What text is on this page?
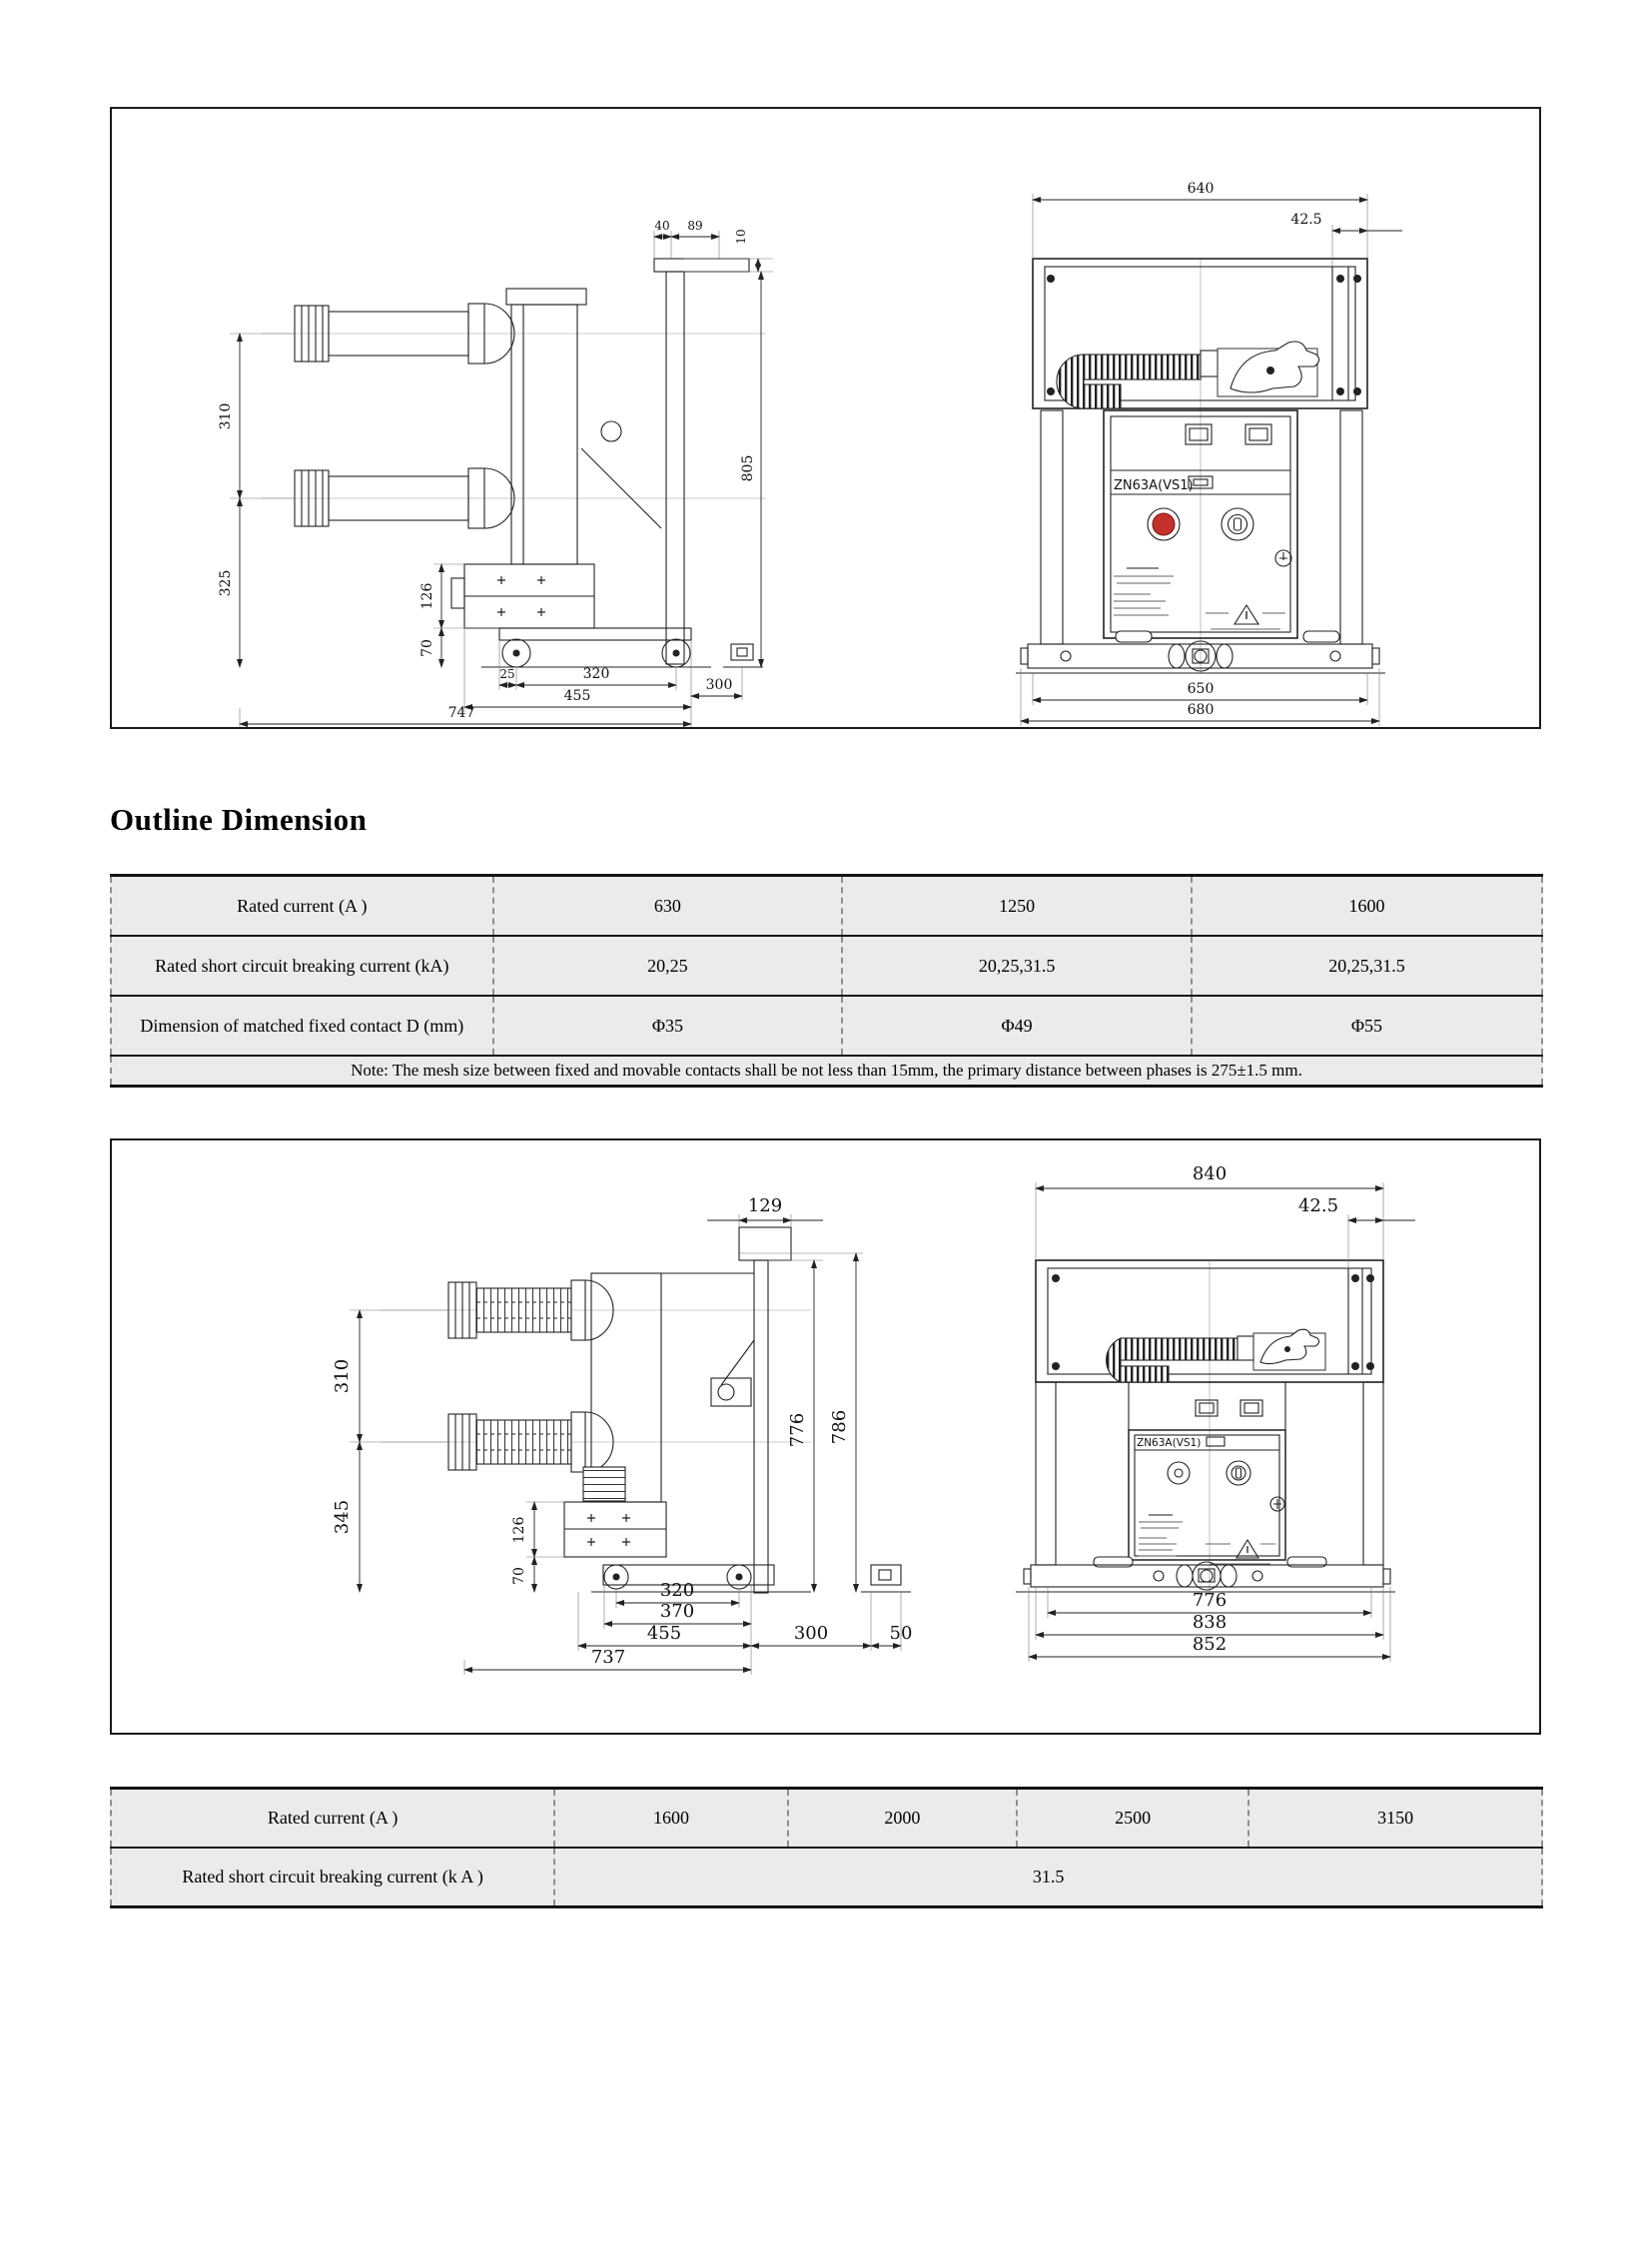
40 89
10
310
325	126
70
805
25	320
455
300
747
ZN63A(VS1)
640
42.5
650
680
Outline Dimension
Rated current (A )	630	1250	1600
Rated short circuit breaking current (kA)	20,25	20,25,31.5	20,25,31.5
Dimension of matched fixed contact D (mm)	Φ35	Φ49	Φ55
Note: The mesh size between fixed and movable contacts shall be not less than 15mm, the primary distance between phases is 275±1.5 mm.			
129
310
345	126
70
776 786
320
370
455	300	50
737
ZN63A(VS1)
840
42.5
776
838
852
Rated current (A )	1600	2000	2500	3150
Rated short circuit breaking current (k A )	31.5			
